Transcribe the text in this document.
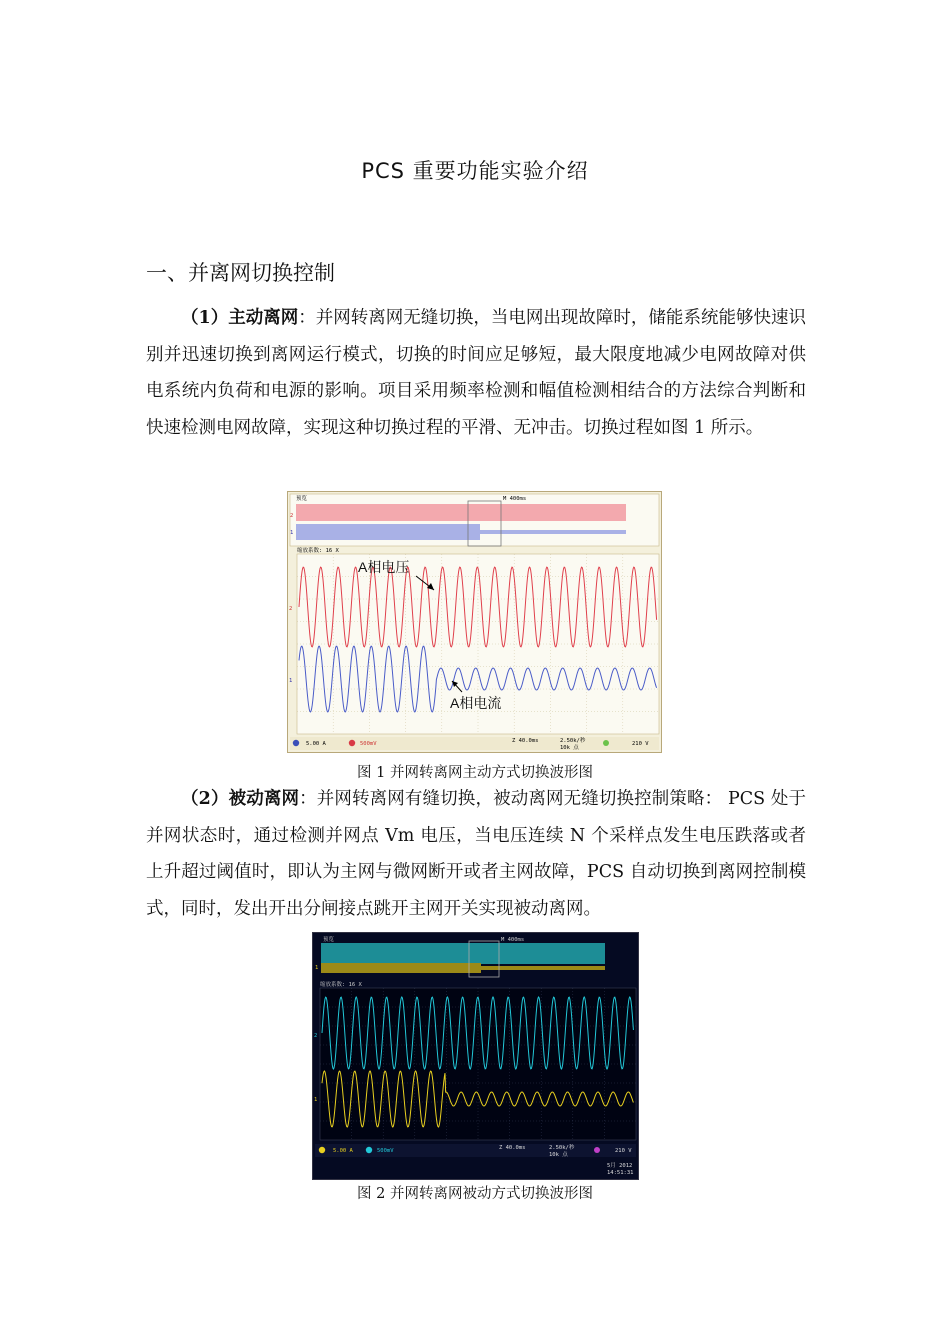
PCS 重要功能实验介绍
一、并离网切换控制
（1）主动离网：并网转离网无缝切换，当电网出现故障时，储能系统能够快速识别并迅速切换到离网运行模式，切换的时间应足够短，最大限度地减少电网故障对供电系统内负荷和电源的影响。项目采用频率检测和幅值检测相结合的方法综合判断和快速检测电网故障，实现这种切换过程的平滑、无冲击。切换过程如图 1 所示。
预览	M 400ms
2
1
缩放系数: 16 X
2
1
A相电压
A相电流
5.00 A	500mV	Z 40.0ms	2.50k/秒
10k 点
210 V
图 1 并网转离网主动方式切换波形图
（2）被动离网：并网转离网有缝切换，被动离网无缝切换控制策略： PCS 处于并网状态时，通过检测并网点 Vm 电压，当电压连续 N 个采样点发生电压跌落或者上升超过阈值时，即认为主网与微网断开或者主网故障，PCS 自动切换到离网控制模式，同时，发出开出分闸接点跳开主网开关实现被动离网。
预览	M 400ms
1
缩放系数: 16 X
2
1
5.00 A	500mV	Z 40.0ms	2.50k/秒
10k 点
210 V
5月 2012
14:51:31
图 2 并网转离网被动方式切换波形图
